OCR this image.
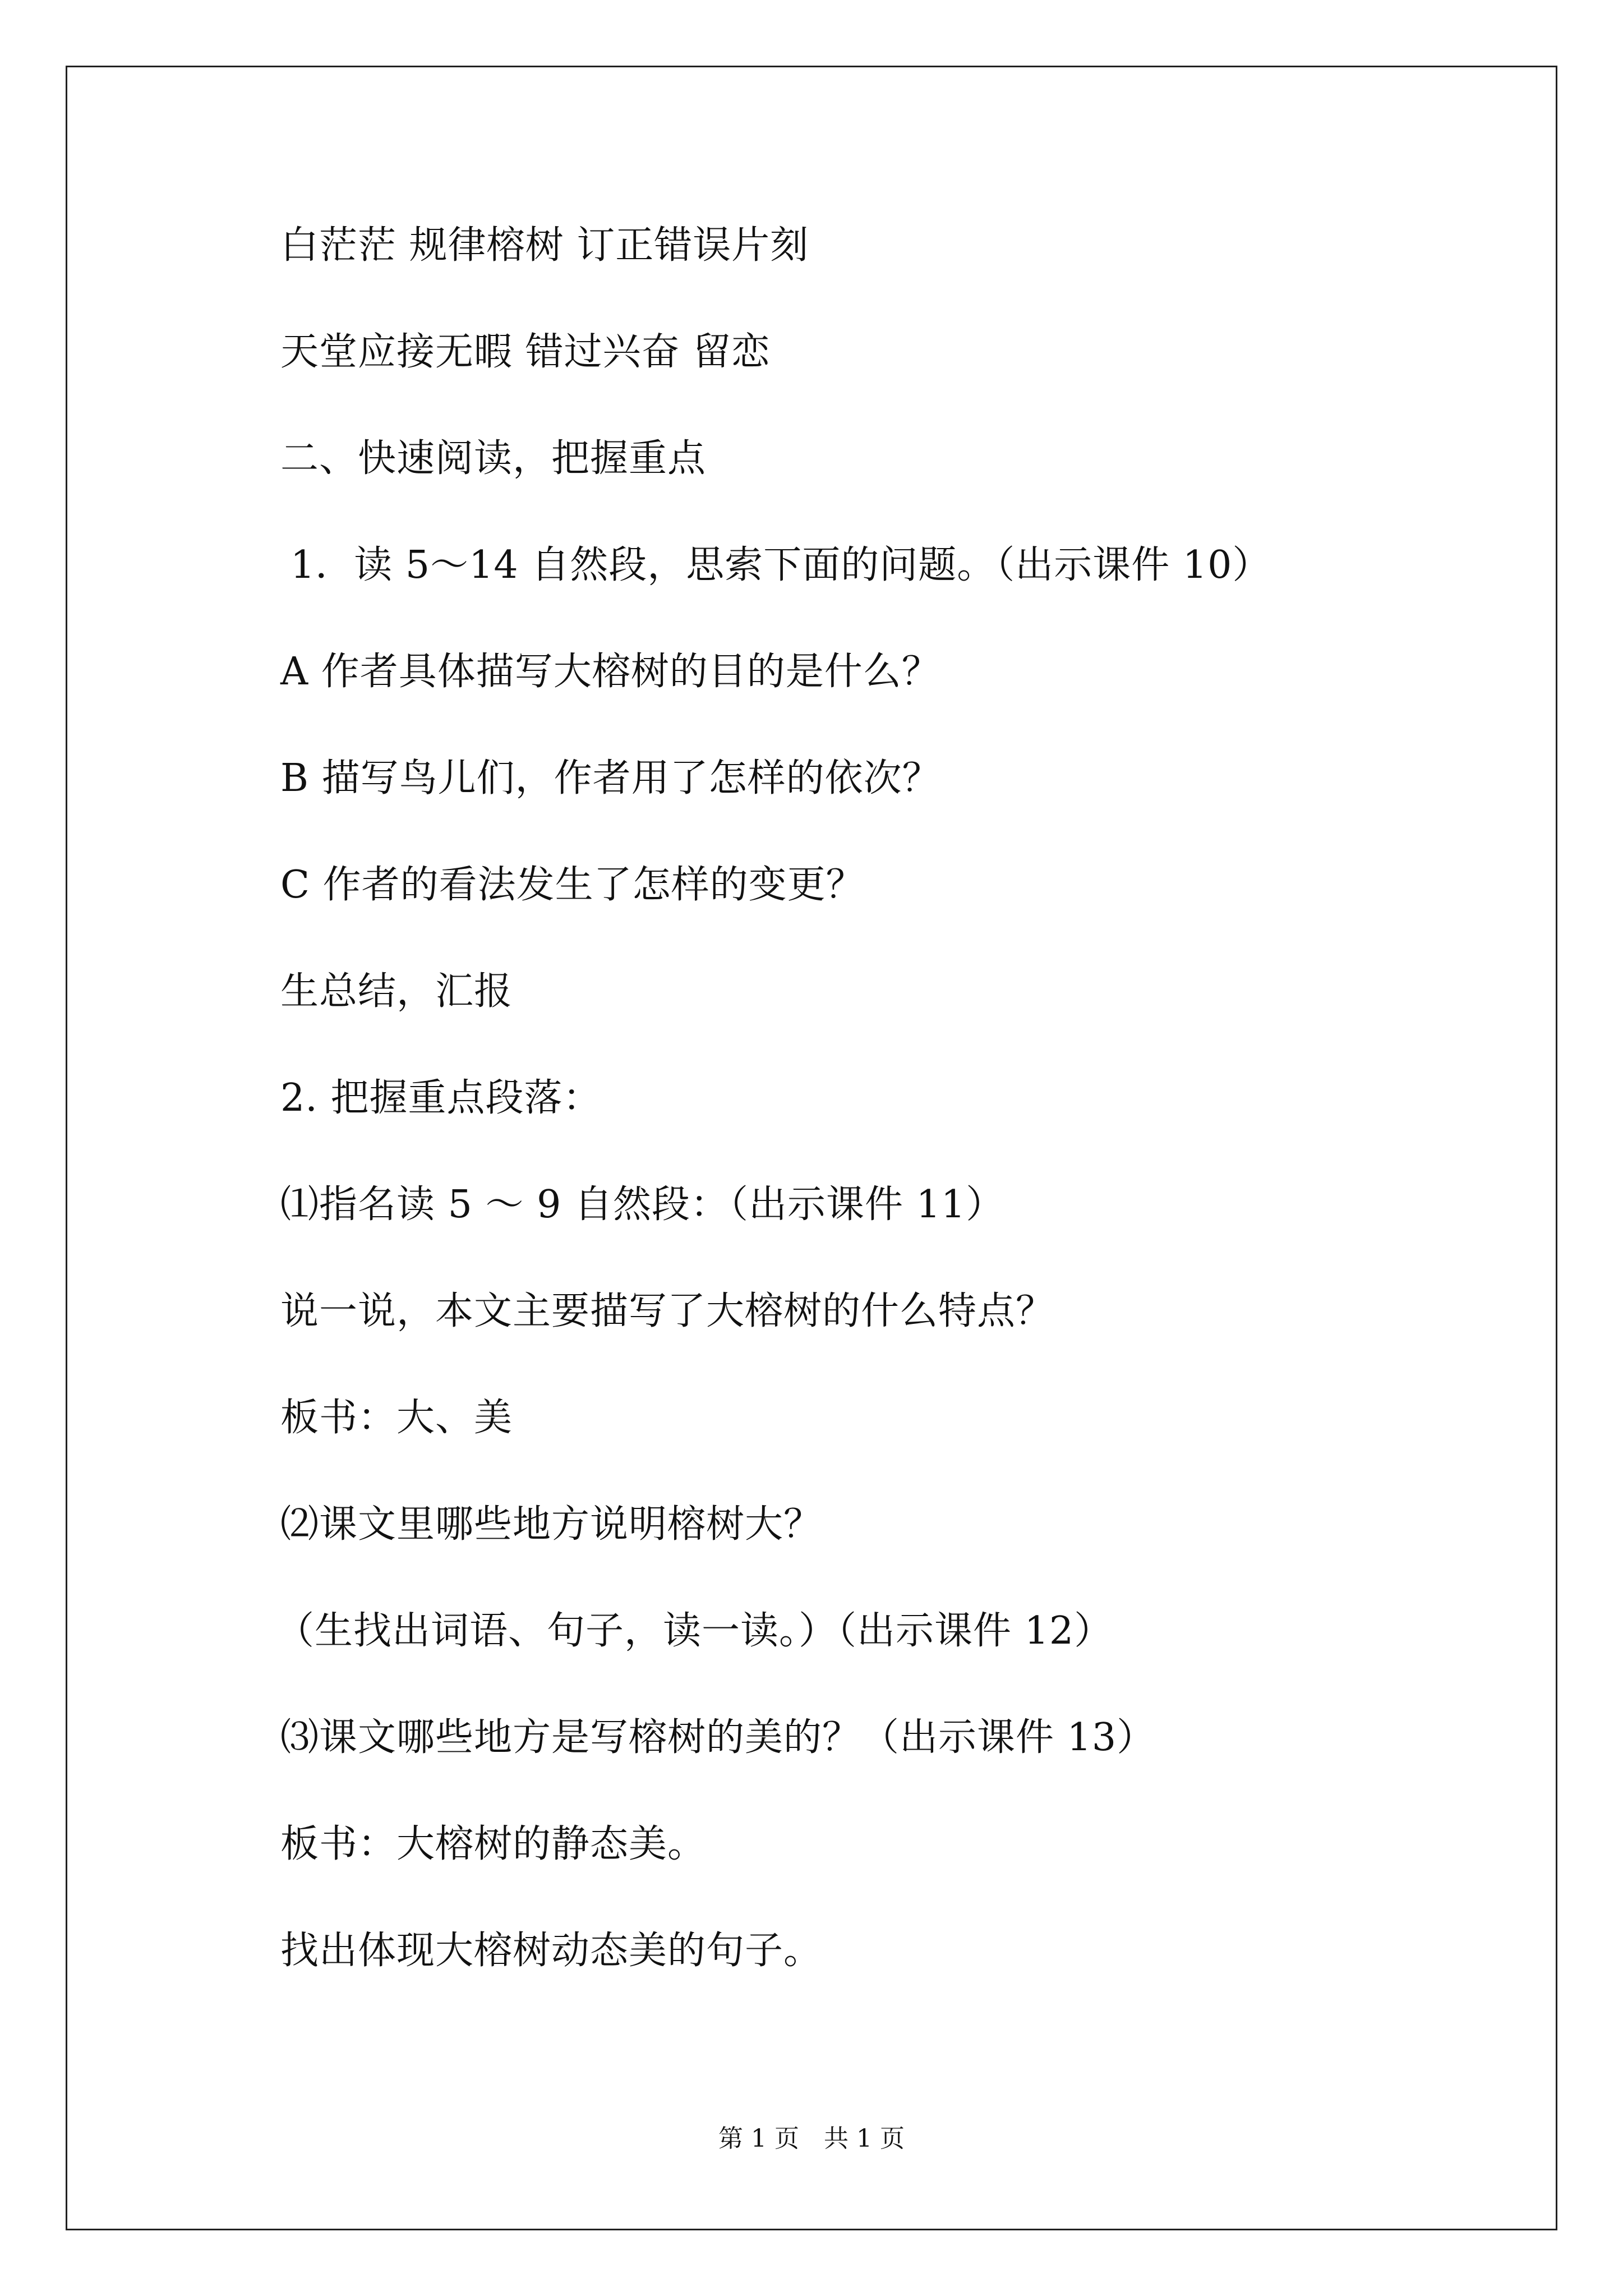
白茫茫 规律榕树 订正错误片刻
天堂应接无暇 错过兴奋 留恋
二、快速阅读，把握重点
1．读 5～14 自然段，思索下面的问题。（出示课件 10）
A 作者具体描写大榕树的目的是什么？
B 描写鸟儿们，作者用了怎样的依次？
C 作者的看法发生了怎样的变更？
生总结，汇报
2. 把握重点段落：
⑴指名读 5 ～ 9 自然段：（出示课件 11）
说一说，本文主要描写了大榕树的什么特点？
板书：大、美
⑵课文里哪些地方说明榕树大？
（生找出词语、句子，读一读。）（出示课件 12）
⑶课文哪些地方是写榕树的美的？（出示课件 13）
板书：大榕树的静态美。
找出体现大榕树动态美的句子。
第 1 页　共 1 页
